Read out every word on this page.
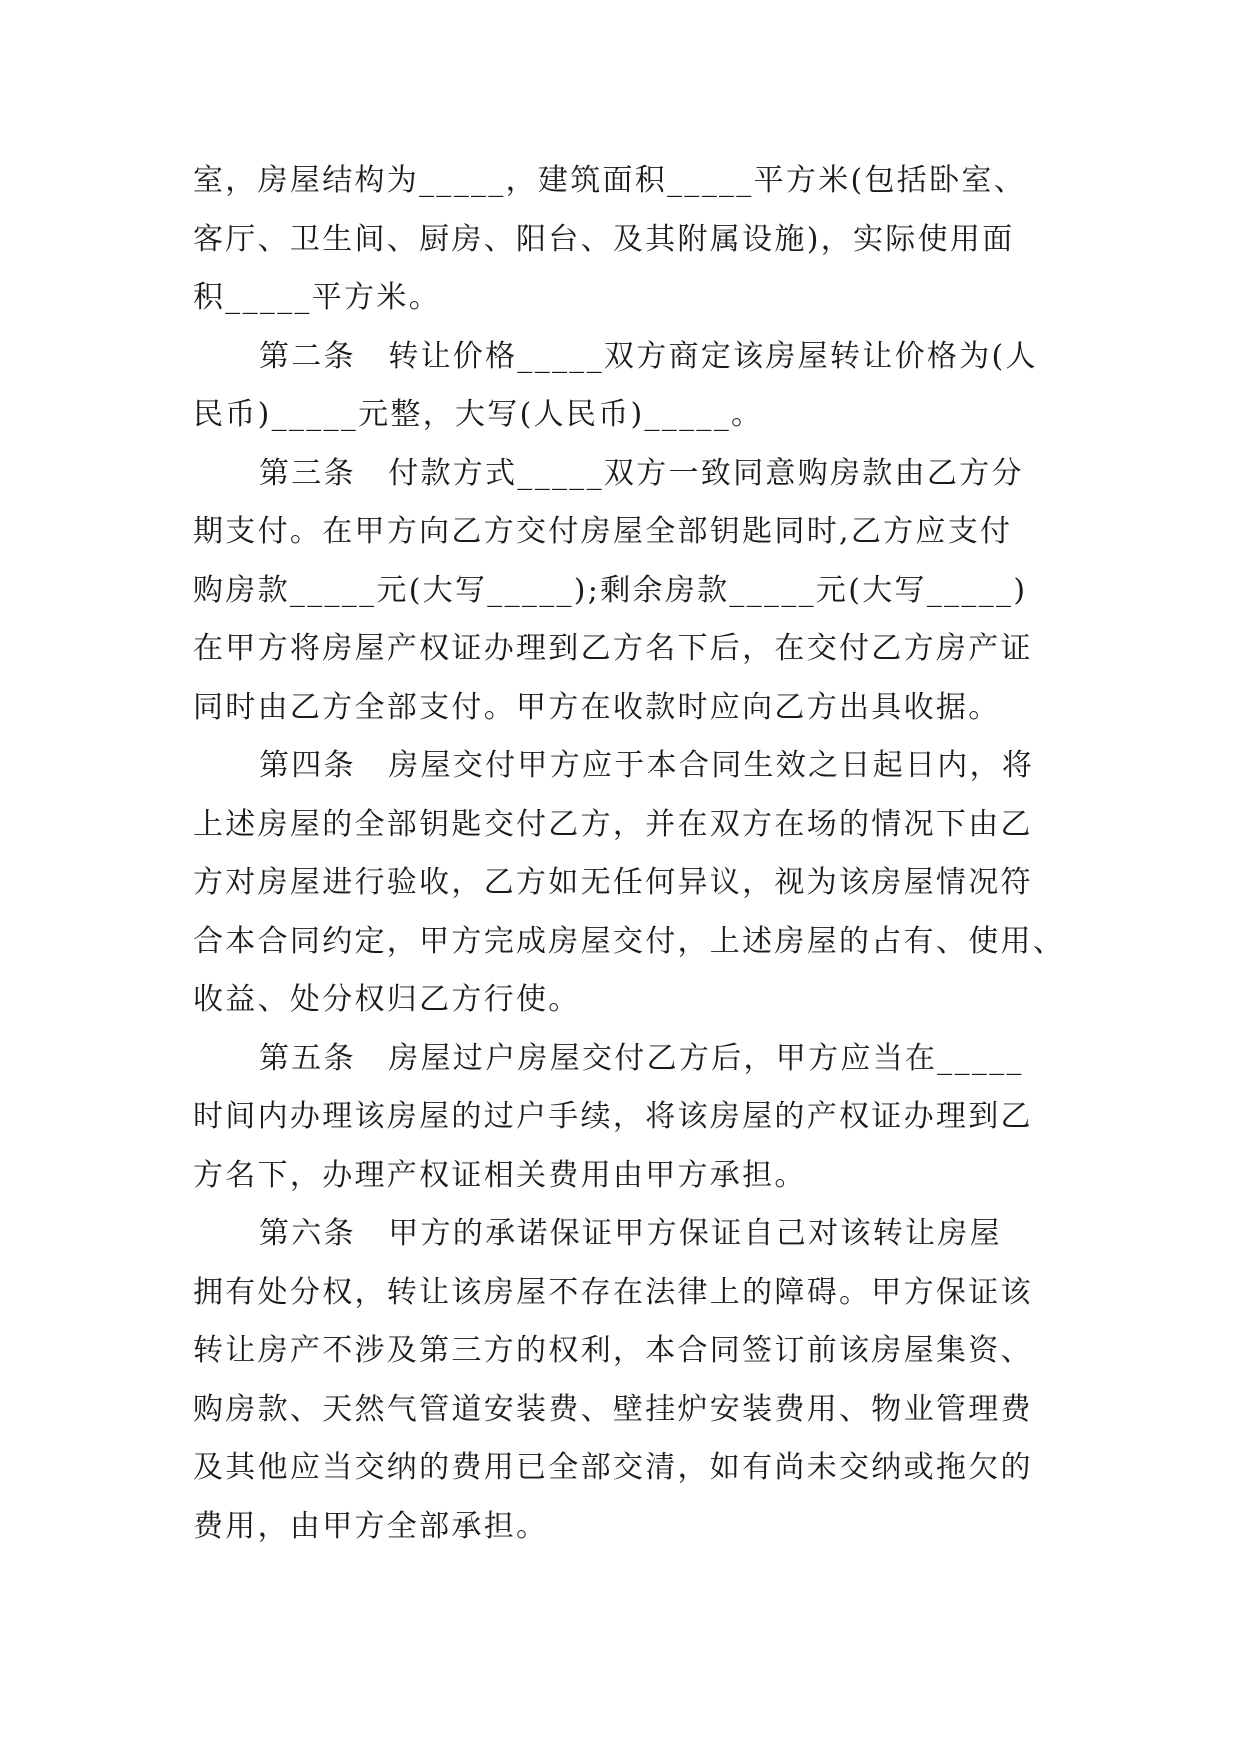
室，房屋结构为_____，建筑面积_____平方米(包括卧室、
客厅、卫生间、厨房、阳台、及其附属设施)，实际使用面
积_____平方米。
第二条　转让价格_____双方商定该房屋转让价格为(人
民币)_____元整，大写(人民币)_____。
第三条　付款方式_____双方一致同意购房款由乙方分
期支付。在甲方向乙方交付房屋全部钥匙同时,乙方应支付
购房款_____元(大写_____);剩余房款_____元(大写_____)
在甲方将房屋产权证办理到乙方名下后，在交付乙方房产证
同时由乙方全部支付。甲方在收款时应向乙方出具收据。
第四条　房屋交付甲方应于本合同生效之日起日内，将
上述房屋的全部钥匙交付乙方，并在双方在场的情况下由乙
方对房屋进行验收，乙方如无任何异议，视为该房屋情况符
合本合同约定，甲方完成房屋交付，上述房屋的占有、使用、
收益、处分权归乙方行使。
第五条　房屋过户房屋交付乙方后，甲方应当在_____
时间内办理该房屋的过户手续，将该房屋的产权证办理到乙
方名下，办理产权证相关费用由甲方承担。
第六条　甲方的承诺保证甲方保证自己对该转让房屋
拥有处分权，转让该房屋不存在法律上的障碍。甲方保证该
转让房产不涉及第三方的权利，本合同签订前该房屋集资、
购房款、天然气管道安装费、壁挂炉安装费用、物业管理费
及其他应当交纳的费用已全部交清，如有尚未交纳或拖欠的
费用，由甲方全部承担。
